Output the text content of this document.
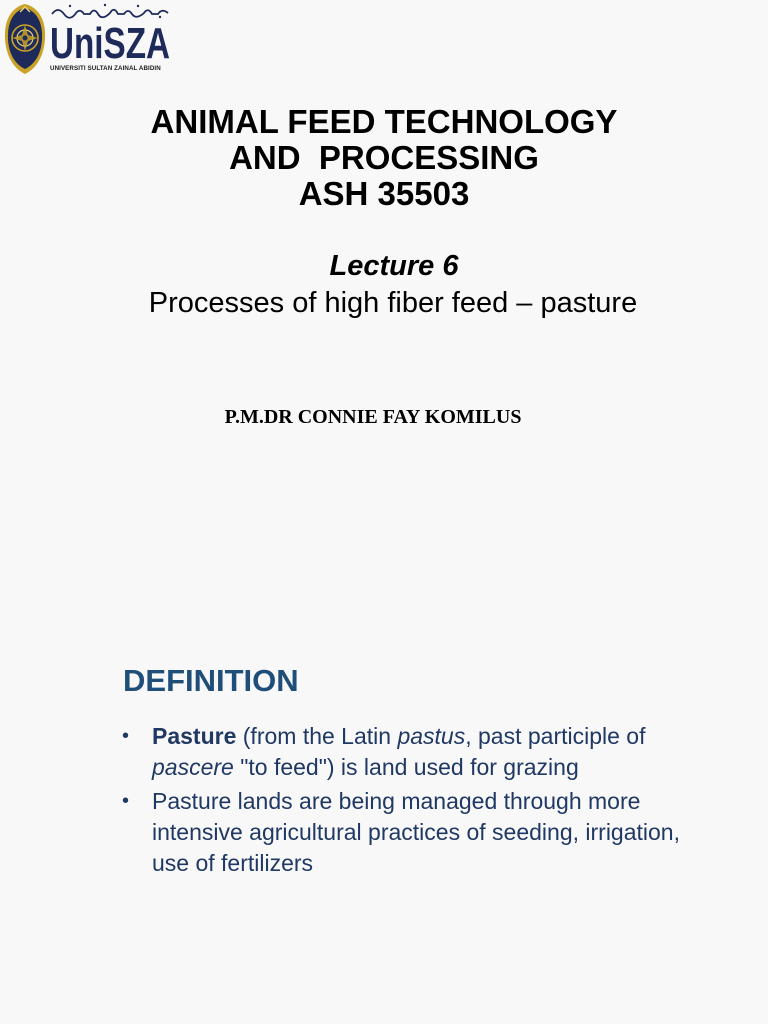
UniSZA
UNIVERSITI SULTAN ZAINAL ABIDIN
ANIMAL FEED TECHNOLOGY
AND  PROCESSING
ASH 35503
Lecture 6
Processes of high fiber feed – pasture
P.M.DR CONNIE FAY KOMILUS
DEFINITION
• Pasture (from the Latin pastus, past participle of pascere "to feed") is land used for grazing
• Pasture lands are being managed through more intensive agricultural practices of seeding, irrigation, use of fertilizers
